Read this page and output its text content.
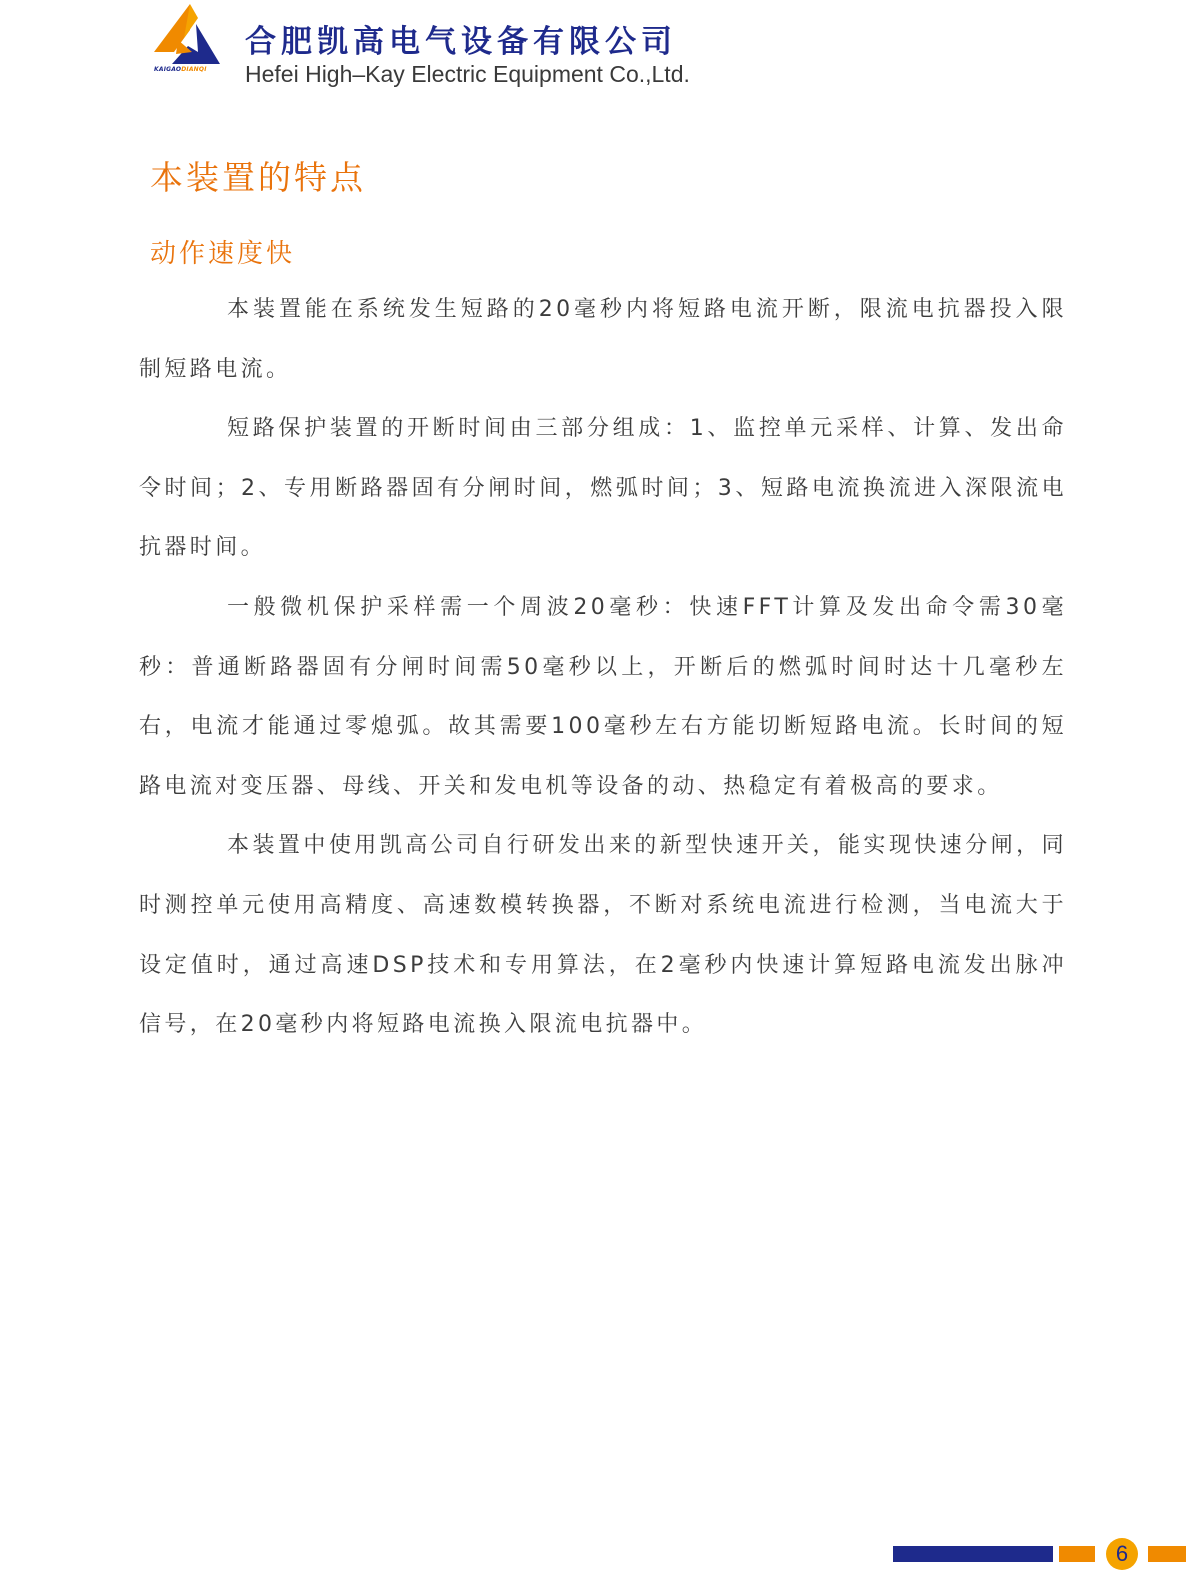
KAIGAODIANQI
合肥凯高电气设备有限公司
Hefei High–Kay Electric Equipment Co.,Ltd.
本装置的特点
动作速度快

本装置能在系统发生短路的20毫秒内将短路电流开断，限流电抗器投入限制短路电流。

短路保护装置的开断时间由三部分组成：1、监控单元采样、计算、发出命令时间；2、专用断路器固有分闸时间，燃弧时间；3、短路电流换流进入深限流电抗器时间。

一般微机保护采样需一个周波20毫秒：快速FFT计算及发出命令需30毫秒：普通断路器固有分闸时间需50毫秒以上，开断后的燃弧时间时达十几毫秒左右，电流才能通过零熄弧。故其需要100毫秒左右方能切断短路电流。长时间的短路电流对变压器、母线、开关和发电机等设备的动、热稳定有着极高的要求。

本装置中使用凯高公司自行研发出来的新型快速开关，能实现快速分闸，同时测控单元使用高精度、高速数模转换器，不断对系统电流进行检测，当电流大于设定值时，通过高速DSP技术和专用算法，在2毫秒内快速计算短路电流发出脉冲信号，在20毫秒内将短路电流换入限流电抗器中。

6
